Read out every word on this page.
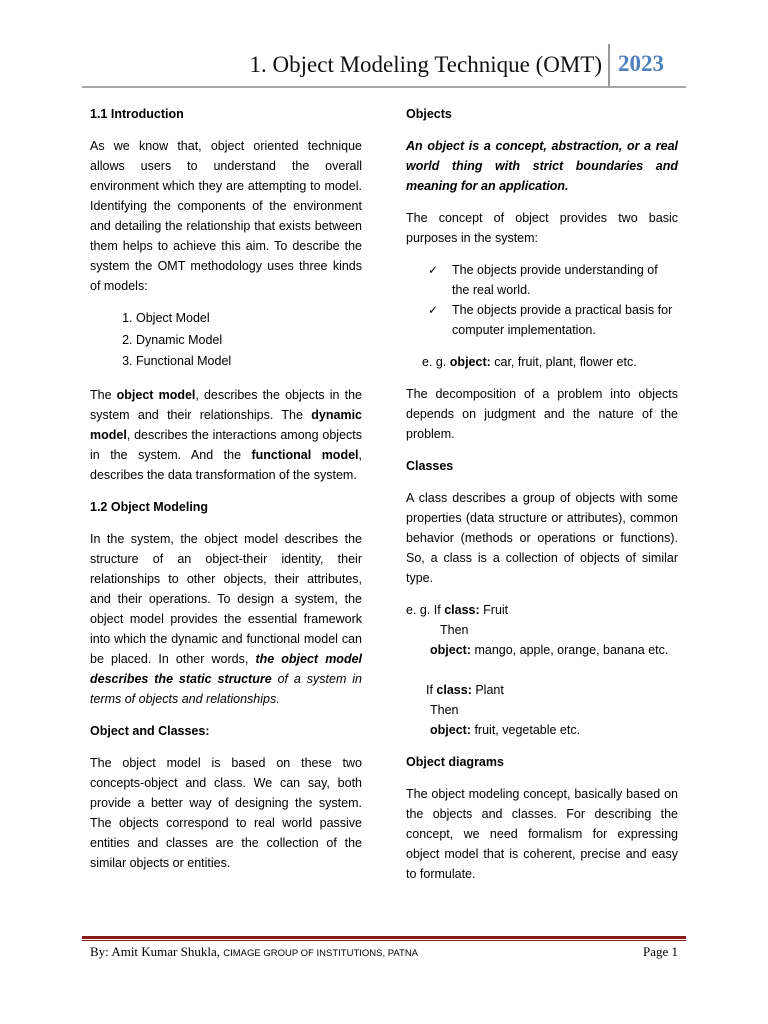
1. Object Modeling Technique (OMT) 2023
1.1 Introduction

As we know that, object oriented technique allows users to understand the overall environment which they are attempting to model. Identifying the components of the environment and detailing the relationship that exists between them helps to achieve this aim. To describe the system the OMT methodology uses three kinds of models:

1. Object Model
2. Dynamic Model
3. Functional Model

The object model, describes the objects in the system and their relationships. The dynamic model, describes the interactions among objects in the system. And the functional model, describes the data transformation of the system.

1.2 Object Modeling

In the system, the object model describes the structure of an object-their identity, their relationships to other objects, their attributes, and their operations. To design a system, the object model provides the essential framework into which the dynamic and functional model can be placed. In other words, the object model describes the static structure of a system in terms of objects and relationships.

Object and Classes:

The object model is based on these two concepts-object and class. We can say, both provide a better way of designing the system. The objects correspond to real world passive entities and classes are the collection of the similar objects or entities.

Objects

An object is a concept, abstraction, or a real world thing with strict boundaries and meaning for an application.

The concept of object provides two basic purposes in the system:

✓ The objects provide understanding of the real world.
✓ The objects provide a practical basis for computer implementation.

e. g. object: car, fruit, plant, flower etc.

The decomposition of a problem into objects depends on judgment and the nature of the problem.

Classes

A class describes a group of objects with some properties (data structure or attributes), common behavior (methods or operations or functions). So, a class is a collection of objects of similar type.

e. g. If class: Fruit
Then
object: mango, apple, orange, banana etc.
If class: Plant
Then
object: fruit, vegetable etc.
Object diagrams

The object modeling concept, basically based on the objects and classes. For describing the concept, we need formalism for expressing object model that is coherent, precise and easy to formulate.

By: Amit Kumar Shukla, CIMAGE GROUP OF INSTITUTIONS, PATNA	Page 1
